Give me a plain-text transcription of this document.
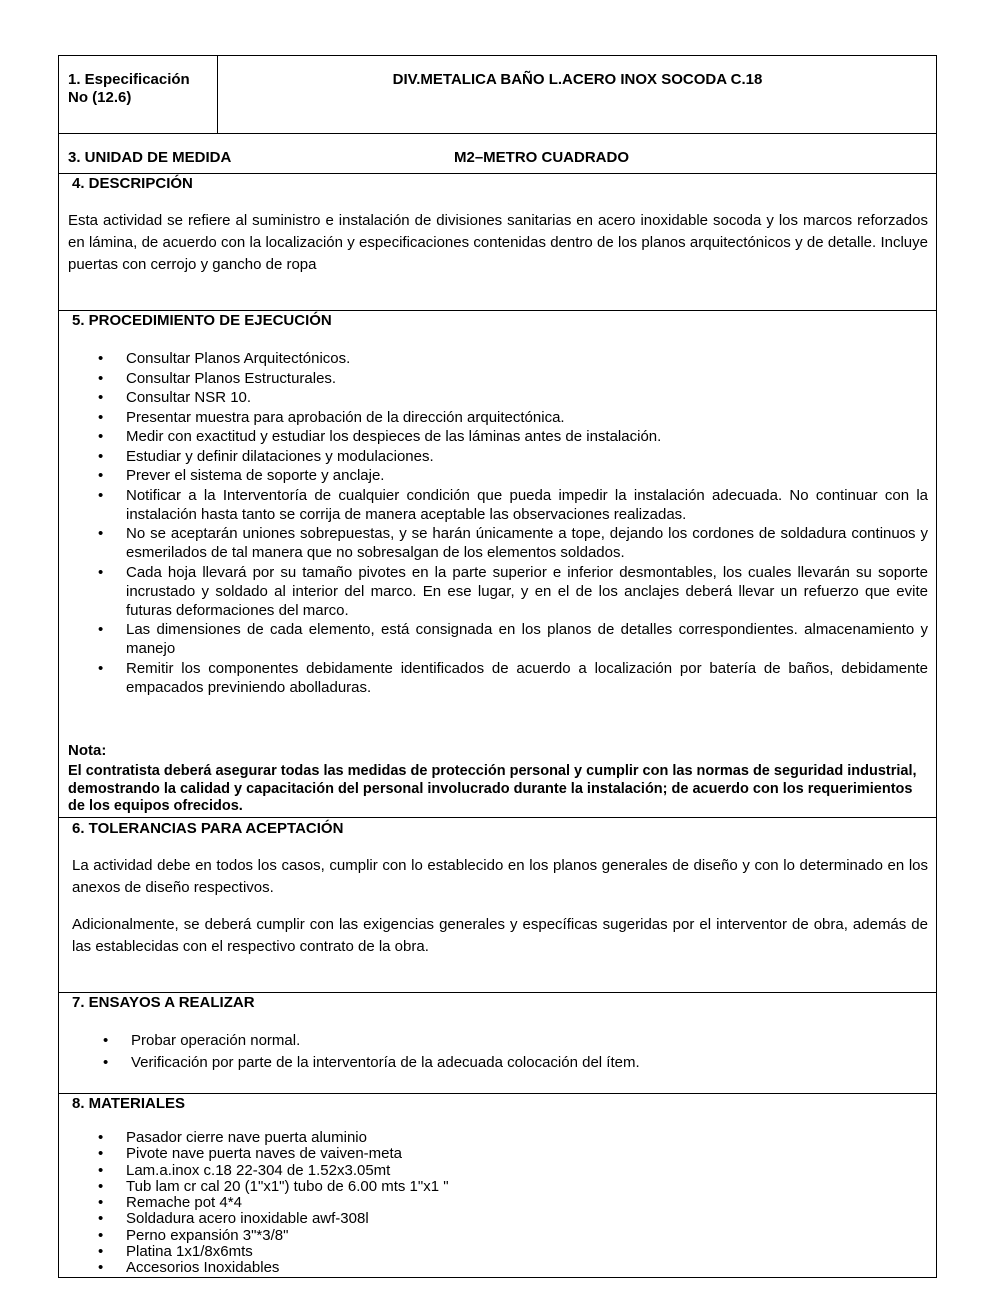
1. Especificación
No (12.6)
DIV.METALICA BAÑO L.ACERO INOX SOCODA C.18
3. UNIDAD DE MEDIDA	M2–METRO CUADRADO
4. DESCRIPCIÓN
Esta actividad se refiere al suministro e instalación de divisiones sanitarias en acero inoxidable socoda y los marcos reforzados en lámina, de acuerdo con la localización y especificaciones contenidas dentro de los planos arquitectónicos y de detalle. Incluye puertas con cerrojo y gancho de ropa
5. PROCEDIMIENTO DE EJECUCIÓN
• Consultar Planos Arquitectónicos.
• Consultar Planos Estructurales.
• Consultar NSR 10.
• Presentar muestra para aprobación de la dirección arquitectónica.
• Medir con exactitud y estudiar los despieces de las láminas antes de instalación.
• Estudiar y definir dilataciones y modulaciones.
• Prever el sistema de soporte y anclaje.
• Notificar a la Interventoría de cualquier condición que pueda impedir la instalación adecuada. No continuar con la instalación hasta tanto se corrija de manera aceptable las observaciones realizadas.
• No se aceptarán uniones sobrepuestas, y se harán únicamente a tope, dejando los cordones de soldadura continuos y esmerilados de tal manera que no sobresalgan de los elementos soldados.
• Cada hoja llevará por su tamaño pivotes en la parte superior e inferior desmontables, los cuales llevarán su soporte incrustado y soldado al interior del marco. En ese lugar, y en el de los anclajes deberá llevar un refuerzo que evite futuras deformaciones del marco.
• Las dimensiones de cada elemento, está consignada en los planos de detalles correspondientes. almacenamiento y manejo
• Remitir los componentes debidamente identificados de acuerdo a localización por batería de baños, debidamente empacados previniendo abolladuras.
Nota:
El contratista deberá asegurar todas las medidas de protección personal y cumplir con las normas de seguridad industrial, demostrando la calidad y capacitación del personal involucrado durante la instalación; de acuerdo con los requerimientos de los equipos ofrecidos.
6. TOLERANCIAS PARA ACEPTACIÓN
La actividad debe en todos los casos, cumplir con lo establecido en los planos generales de diseño y con lo determinado en los anexos de diseño respectivos.
Adicionalmente, se deberá cumplir con las exigencias generales y específicas sugeridas por el interventor de obra, además de las establecidas con el respectivo contrato de la obra.
7. ENSAYOS A REALIZAR
• Probar operación normal.
• Verificación por parte de la interventoría de la adecuada colocación del ítem.
8. MATERIALES
• Pasador cierre nave puerta aluminio
• Pivote nave puerta naves de vaiven-meta
• Lam.a.inox c.18 22-304 de 1.52x3.05mt
• Tub lam cr cal 20 (1"x1") tubo de 6.00 mts 1"x1 "
• Remache pot 4*4
• Soldadura acero inoxidable awf-308l
• Perno expansión 3"*3/8"
• Platina 1x1/8x6mts
• Accesorios Inoxidables
